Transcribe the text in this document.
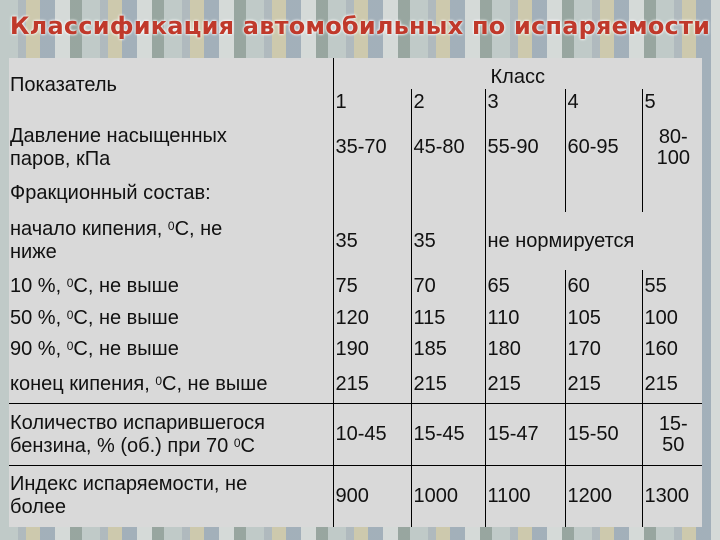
Классификация автомобильных по испаряемости
Показатель	Класс				
	1	2	3	4	5
Давление насыщенных
паров, кПа	35-70	45-80	55-90	60-95	80-
100
Фракционный состав:					
начало кипения, $^0$С, не
ниже	35	35	не нормируется		
10 %, $^0$С, не выше	75	70	65	60	55
50 %, $^0$С, не выше	120	115	110	105	100
90 %, $^0$С, не выше	190	185	180	170	160
конец кипения, $^0$С, не выше	215	215	215	215	215
Количество испарившегося
бензина, % (об.) при 70 $^0$С	10-45	15-45	15-47	15-50	15-
50
Индекс испаряемости, не
более	900	1000	1100	1200	1300
